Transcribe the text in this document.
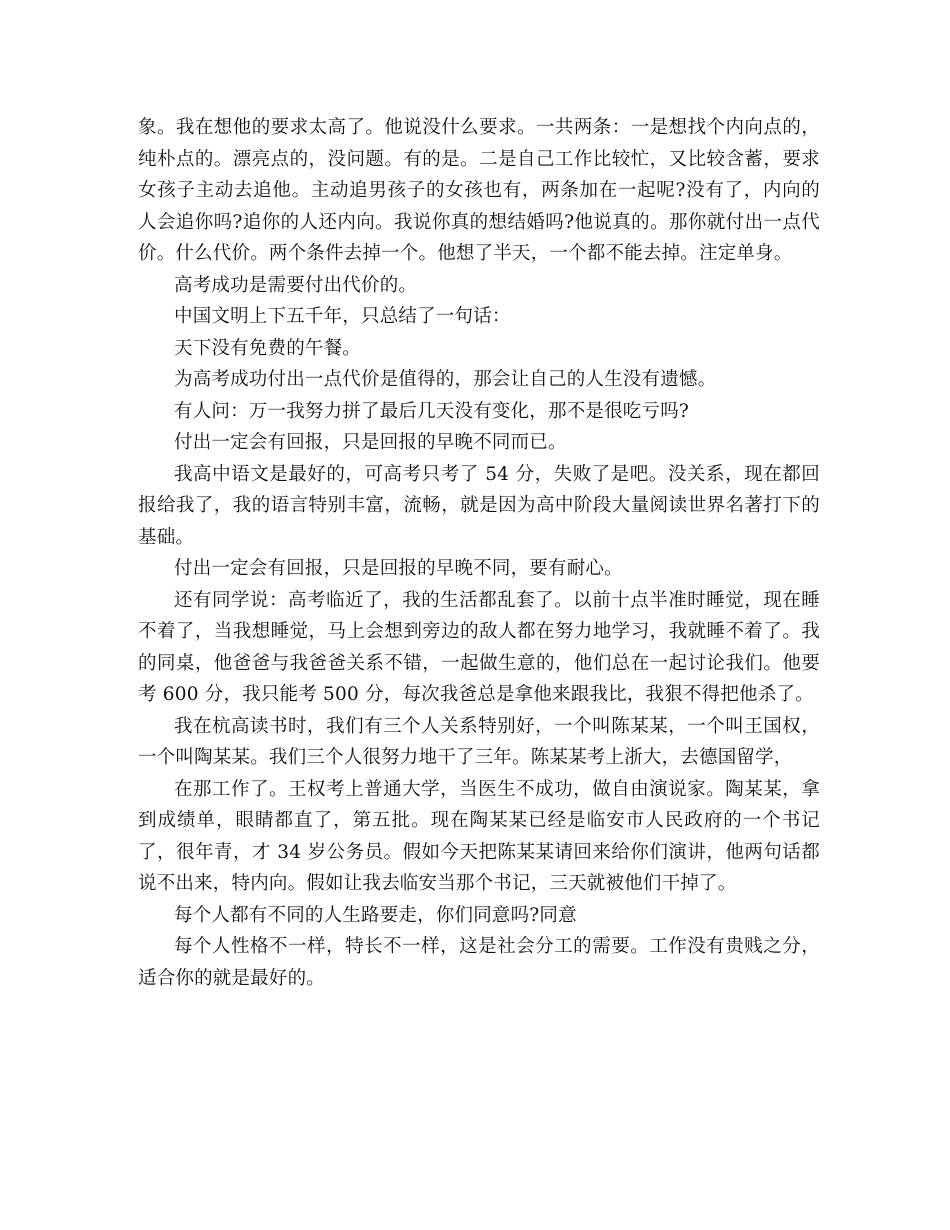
象。我在想他的要求太高了。他说没什么要求。一共两条：一是想找个内向点的，纯朴点的。漂亮点的，没问题。有的是。二是自己工作比较忙，又比较含蓄，要求女孩子主动去追他。主动追男孩子的女孩也有，两条加在一起呢?没有了，内向的人会追你吗?追你的人还内向。我说你真的想结婚吗?他说真的。那你就付出一点代价。什么代价。两个条件去掉一个。他想了半天，一个都不能去掉。注定单身。

高考成功是需要付出代价的。

中国文明上下五千年，只总结了一句话：

天下没有免费的午餐。

为高考成功付出一点代价是值得的，那会让自己的人生没有遗憾。

有人问：万一我努力拼了最后几天没有变化，那不是很吃亏吗?

付出一定会有回报，只是回报的早晚不同而已。

我高中语文是最好的，可高考只考了 54 分，失败了是吧。没关系，现在都回报给我了，我的语言特别丰富，流畅，就是因为高中阶段大量阅读世界名著打下的基础。

付出一定会有回报，只是回报的早晚不同，要有耐心。

还有同学说：高考临近了，我的生活都乱套了。以前十点半准时睡觉，现在睡不着了，当我想睡觉，马上会想到旁边的敌人都在努力地学习，我就睡不着了。我的同桌，他爸爸与我爸爸关系不错，一起做生意的，他们总在一起讨论我们。他要考 600 分，我只能考 500 分，每次我爸总是拿他来跟我比，我狠不得把他杀了。

我在杭高读书时，我们有三个人关系特别好，一个叫陈某某，一个叫王国权，一个叫陶某某。我们三个人很努力地干了三年。陈某某考上浙大，去德国留学，

在那工作了。王权考上普通大学，当医生不成功，做自由演说家。陶某某，拿到成绩单，眼睛都直了，第五批。现在陶某某已经是临安市人民政府的一个书记了，很年青，才 34 岁公务员。假如今天把陈某某请回来给你们演讲，他两句话都说不出来，特内向。假如让我去临安当那个书记，三天就被他们干掉了。

每个人都有不同的人生路要走，你们同意吗?同意

每个人性格不一样，特长不一样，这是社会分工的需要。工作没有贵贱之分，适合你的就是最好的。
